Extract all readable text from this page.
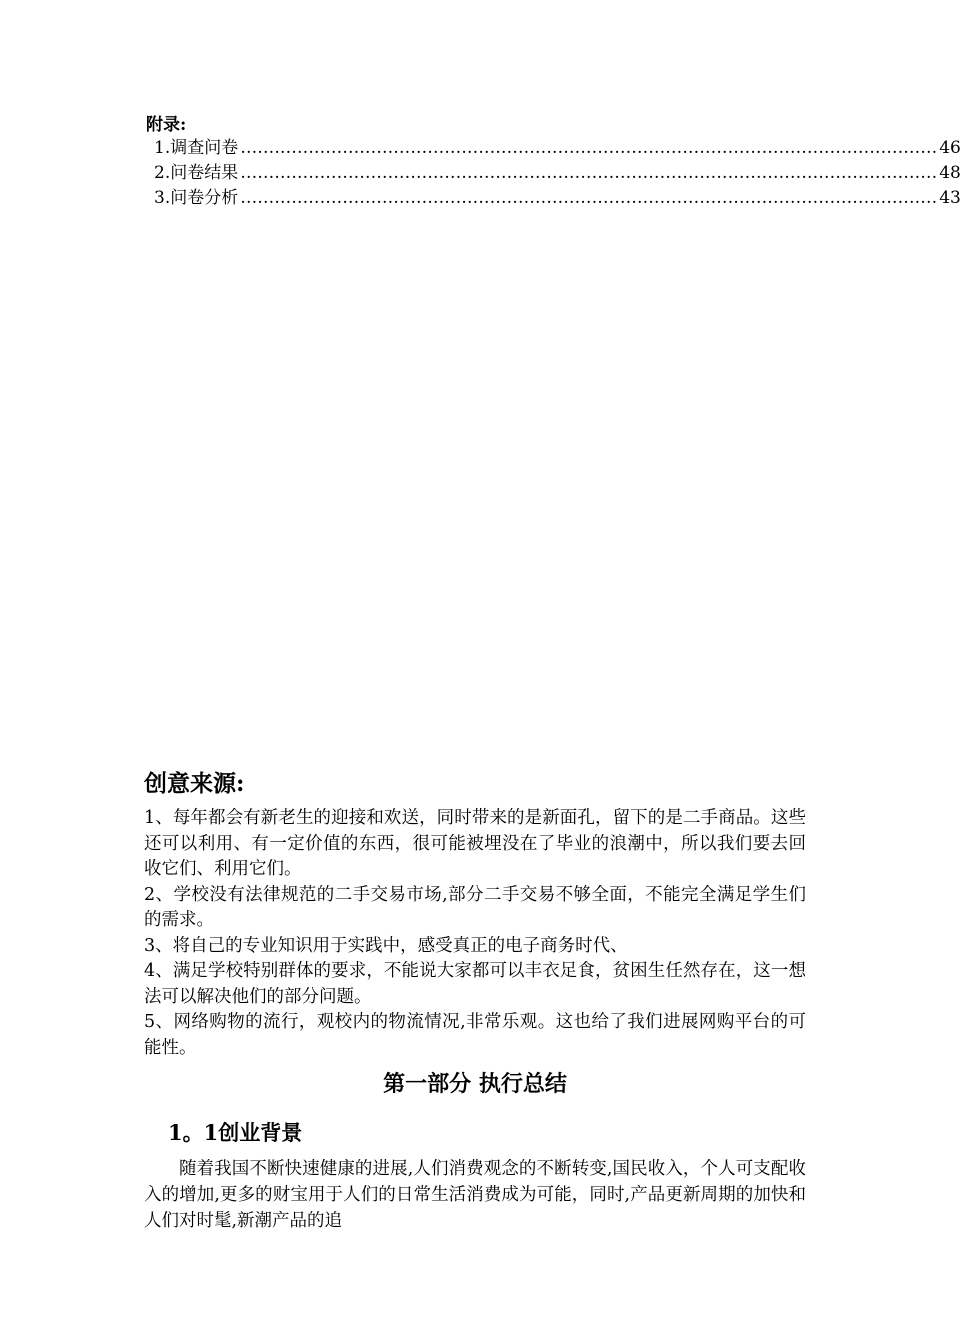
附录:
1. 调查问卷 …………………………………………………………………………………………………………… 46
2. 问卷结果 …………………………………………………………………………………………………………… 48
3. 问卷分析 …………………………………………………………………………………………………………… 43
创意来源:

1、每年都会有新老生的迎接和欢送，同时带来的是新面孔，留下的是二手商品。这些还可以利用、有一定价值的东西，很可能被埋没在了毕业的浪潮中，所以我们要去回收它们、利用它们。

2、学校没有法律规范的二手交易市场,部分二手交易不够全面，不能完全满足学生们的需求。

3、将自己的专业知识用于实践中，感受真正的电子商务时代、

4、满足学校特别群体的要求，不能说大家都可以丰衣足食，贫困生任然存在，这一想法可以解决他们的部分问题。

5、网络购物的流行，观校内的物流情况,非常乐观。这也给了我们进展网购平台的可能性。

第一部分 执行总结
1。1创业背景

随着我国不断快速健康的进展,人们消费观念的不断转变,国民收入，个人可支配收入的增加,更多的财宝用于人们的日常生活消费成为可能，同时,产品更新周期的加快和人们对时髦,新潮产品的追
